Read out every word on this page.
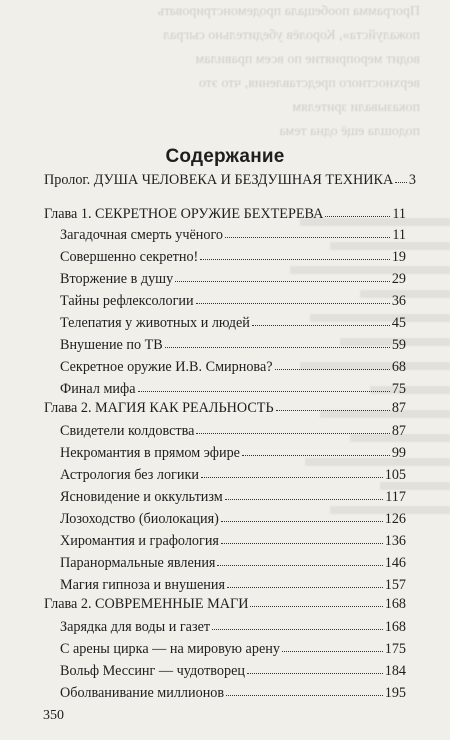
Программа пообещала продемонстрировать

пожалуйста», Королёв убедительно сыграл

водит мероприятие по всем правилам

верхностного представления, что это

показывали зрителям

подошла ещё одна тема

Содержание
Пролог. ДУША ЧЕЛОВЕКА И БЕЗДУШНАЯ ТЕХНИКА 3
Глава 1. СЕКРЕТНОЕ ОРУЖИЕ БЕХТЕРЕВА	11
Загадочная смерть учёного	11
Совершенно секретно!	19
Вторжение в душу	29
Тайны рефлексологии	36
Телепатия у животных и людей	45
Внушение по ТВ	59
Секретное оружие И.В. Смирнова?	68
Финал мифа	75
Глава 2. МАГИЯ КАК РЕАЛЬНОСТЬ	87
Свидетели колдовства	87
Некромантия в прямом эфире	99
Астрология без логики	105
Ясновидение и оккультизм	117
Лозоходство (биолокация)	126
Хиромантия и графология	136
Паранормальные явления	146
Магия гипноза и внушения	157
Глава 2. СОВРЕМЕННЫЕ МАГИ	168
Зарядка для воды и газет	168
С арены цирка — на мировую арену	175
Вольф Мессинг — чудотворец	184
Оболванивание миллионов	195
350
